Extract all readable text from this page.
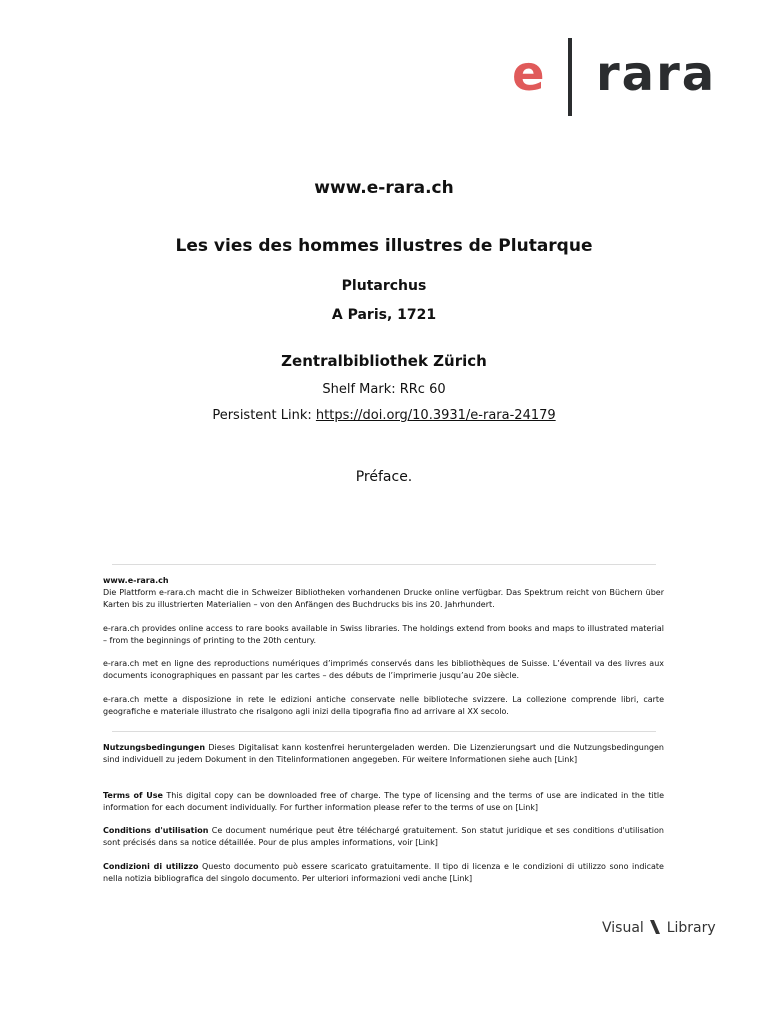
e rara
www.e-rara.ch
Les vies des hommes illustres de Plutarque
Plutarchus
A Paris, 1721
Zentralbibliothek Zürich
Shelf Mark: RRc 60
Persistent Link: https://doi.org/10.3931/e-rara-24179
Préface.
www.e-rara.ch
Die Plattform e-rara.ch macht die in Schweizer Bibliotheken vorhandenen Drucke online verfügbar. Das Spektrum reicht von Büchern über Karten bis zu illustrierten Materialien – von den Anfängen des Buchdrucks bis ins 20. Jahrhundert.
e-rara.ch provides online access to rare books available in Swiss libraries. The holdings extend from books and maps to illustrated material – from the beginnings of printing to the 20th century.
e-rara.ch met en ligne des reproductions numériques d’imprimés conservés dans les bibliothèques de Suisse. L’éventail va des livres aux documents iconographiques en passant par les cartes – des débuts de l’imprimerie jusqu’au 20e siècle.
e-rara.ch mette a disposizione in rete le edizioni antiche conservate nelle biblioteche svizzere. La collezione comprende libri, carte geografiche e materiale illustrato che risalgono agli inizi della tipografia fino ad arrivare al XX secolo.
Nutzungsbedingungen Dieses Digitalisat kann kostenfrei heruntergeladen werden. Die Lizenzierungsart und die Nutzungsbedingungen sind individuell zu jedem Dokument in den Titelinformationen angegeben. Für weitere Informationen siehe auch [Link]
Terms of Use This digital copy can be downloaded free of charge. The type of licensing and the terms of use are indicated in the title information for each document individually. For further information please refer to the terms of use on [Link]
Conditions d'utilisation Ce document numérique peut être téléchargé gratuitement. Son statut juridique et ses conditions d'utilisation sont précisés dans sa notice détaillée. Pour de plus amples informations, voir [Link]
Condizioni di utilizzo Questo documento può essere scaricato gratuitamente. Il tipo di licenza e le condizioni di utilizzo sono indicate nella notizia bibliografica del singolo documento. Per ulteriori informazioni vedi anche [Link]
Visual Library
